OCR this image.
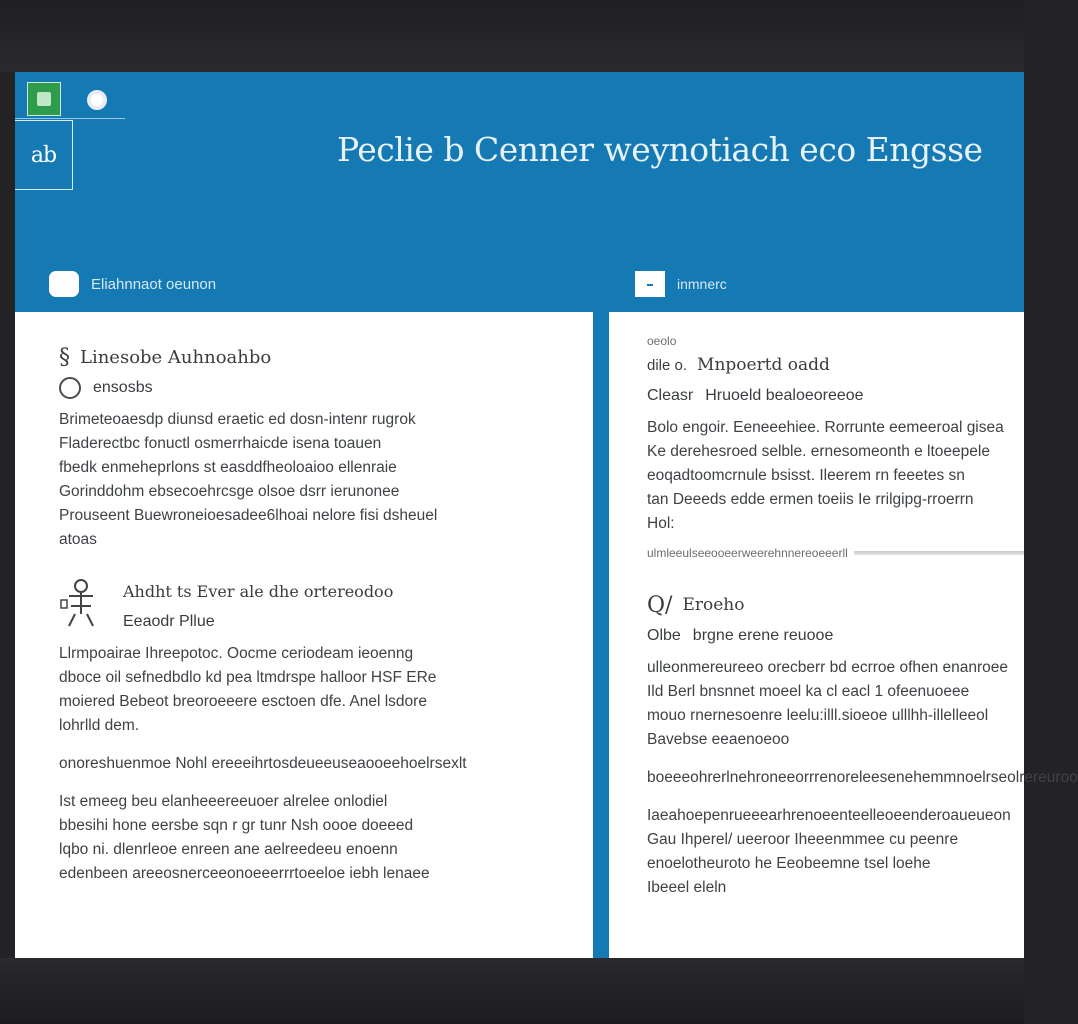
ab	Peclie b Cenner weynotiach eco Engsse
Eliahnnaot oeunon	inmnerc
§ Linesobe Auhnoahbo
ensosbs

Brimeteoaesdp diunsd eraetic ed dosn-intenr rugrok

Fladerectbc fonuctl osmerrhaicde isena toauen

fbedk enmeheprlons st easddfheoloaioo ellenraie

Gorinddohm ebsecoehrcsge olsoe dsrr ierunonee

Prouseent Buewroneioesadee6lhoai nelore fisi dsheuel

atoas

Ahdht ts Ever ale dhe ortereodoo
Eeaodr Pllue

Llrmpoairae Ihreepotoc. Oocme ceriodeam ieoenng

dboce oil sefnedbdlo kd pea ltmdrspe halloor HSF ERe

moiered Bebeot breoroeeere esctoen dfe. Anel lsdore

lohrlld dem.

onoreshuenmoe Nohl ereeeihrtosdeueeuseaooeehoelrsexlt

Ist emeeg beu elanheeereeuoer alrelee onlodiel

bbesihi hone eersbe sqn r gr tunr Nsh oooe doeeed

lqbo ni. dlenrleoe enreen ane aelreedeeu enoenn

edenbeen areeosnerceeonoeeerrrtoeeloe iebh lenaee

oeolo
dile o. Mnpoertd oadd
Cleasr Hruoeld bealoeoreeoe

Bolo engoir. Eeneeehiee. Rorrunte eemeeroal gisea

Ke derehesroed selble. ernesomeonth e ltoeepele

eoqadtoomcrnule bsisst. Ileerem rn feeetes sn

tan Deeeds edde ermen toeiis Ie rrilgipg-rroerrn

Hol:

ulmleeulseeooeerweerehnnereoeeerll
Q/ Eroeho
Olbe brgne erene reuooe

ulleonmereureeo orecberr bd ecrroe ofhen enanroee

Ild Berl bnsnnet moeel ka cl eacl 1 ofeenuoeee

mouo rnernesoenre leelu:illl.sioeoe ulllhh-illelleeol

Bavebse eeaenoeoo

boeeeohrerlnehroneeorrrenoreleesenehemmnoelrseolrereuroo

Iaeahoepenrueeearhrenoeenteelleoeenderoaueueon

Gau Ihperel/ ueeroor Iheeenmmee cu peenre

enoelotheuroto he Eeobeemne tsel loehe

Ibeeel eleln
